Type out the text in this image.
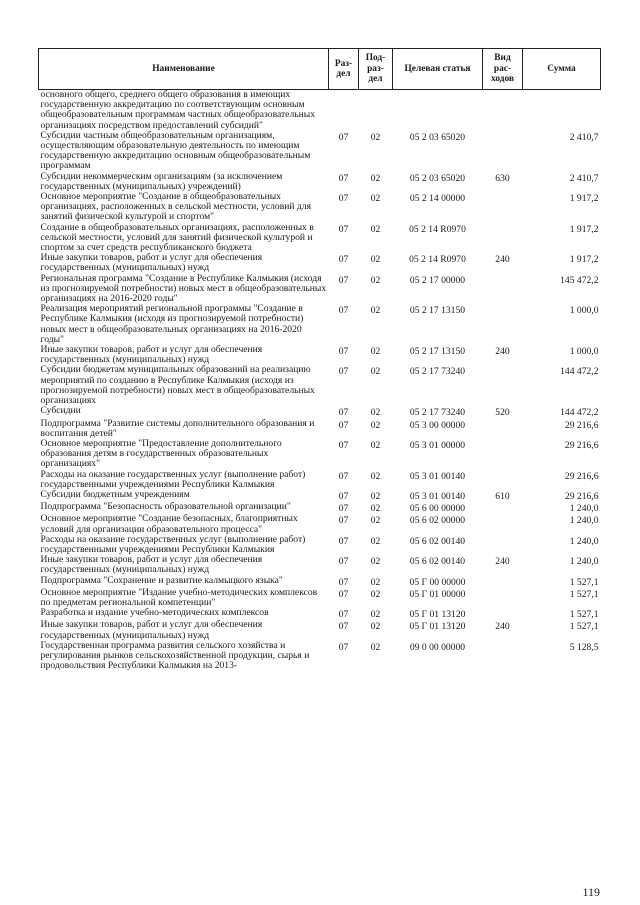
Наименование	Раз-дел	Под-раз-дел	Целевая статья	Вид рас-ходов	Сумма
основного общего, среднего общего образования в имеющих государственную аккредитацию по соответствующим основным общеобразовательным программам частных общеобразовательных организациях посредством предоставлений субсидий"					
Субсидии частным общеобразовательным организациям, осуществляющим образовательную деятельность по имеющим государственную аккредитацию основным общеобразовательным программам	07	02	05 2 03 65020		2 410,7
Субсидии некоммерческим организациям (за исключением государственных (муниципальных) учреждений)	07	02	05 2 03 65020	630	2 410,7
Основное мероприятие "Создание в общеобразовательных организациях, расположенных в сельской местности, условий для занятий физической культурой и спортом"	07	02	05 2 14 00000		1 917,2
Создание в общеобразовательных организациях, расположенных в сельской местности, условий для занятий физической культурой и спортом за счет средств республиканского бюджета	07	02	05 2 14 R0970		1 917,2
Иные закупки товаров, работ и услуг для обеспечения государственных (муниципальных) нужд	07	02	05 2 14 R0970	240	1 917,2
Региональная программа "Создание в Республике Калмыкия (исходя из прогнозируемой потребности) новых мест в общеобразовательных организациях на 2016-2020 годы"	07	02	05 2 17 00000		145 472,2
Реализация мероприятий региональной программы "Создание в Республике Калмыкия (исходя из прогнозируемой потребности) новых мест в общеобразовательных организациях на 2016-2020 годы"	07	02	05 2 17 13150		1 000,0
Иные закупки товаров, работ и услуг для обеспечения государственных (муниципальных) нужд	07	02	05 2 17 13150	240	1 000,0
Субсидии бюджетам муниципальных образований на реализацию мероприятий по созданию в Республике Калмыкия (исходя из прогнозируемой потребности) новых мест в общеобразовательных организациях	07	02	05 2 17 73240		144 472,2
Субсидии	07	02	05 2 17 73240	520	144 472,2
Подпрограмма "Развитие системы дополнительного образования и воспитания детей"	07	02	05 3 00 00000		29 216,6
Основное мероприятие "Предоставление дополнительного образования детям в государственных образовательных организациях"	07	02	05 3 01 00000		29 216,6
Расходы на оказание государственных услуг (выполнение работ) государственными учреждениями Республики Калмыкия	07	02	05 3 01 00140		29 216,6
Субсидии бюджетным учреждениям	07	02	05 3 01 00140	610	29 216,6
Подпрограмма "Безопасность образовательной организации"	07	02	05 6 00 00000		1 240,0
Основное мероприятие "Создание безопасных, благоприятных условий для организации образовательного процесса"	07	02	05 6 02 00000		1 240,0
Расходы на оказание государственных услуг (выполнение работ) государственными учреждениями Республики Калмыкия	07	02	05 6 02 00140		1 240,0
Иные закупки товаров, работ и услуг для обеспечения государственных (муниципальных) нужд	07	02	05 6 02 00140	240	1 240,0
Подпрограмма "Сохранение и развитие калмыцкого языка"	07	02	05 Г 00 00000		1 527,1
Основное мероприятие "Издание учебно-методических комплексов по предметам региональной компетенции"	07	02	05 Г 01 00000		1 527,1
Разработка и издание учебно-методических комплексов	07	02	05 Г 01 13120		1 527,1
Иные закупки товаров, работ и услуг для обеспечения государственных (муниципальных) нужд	07	02	05 Г 01 13120	240	1 527,1
Государственная программа развития сельского хозяйства и регулирования рынков сельскохозяйственной продукции, сырья и продовольствия Республики Калмыкия на 2013-	07	02	09 0 00 00000		5 128,5
119
